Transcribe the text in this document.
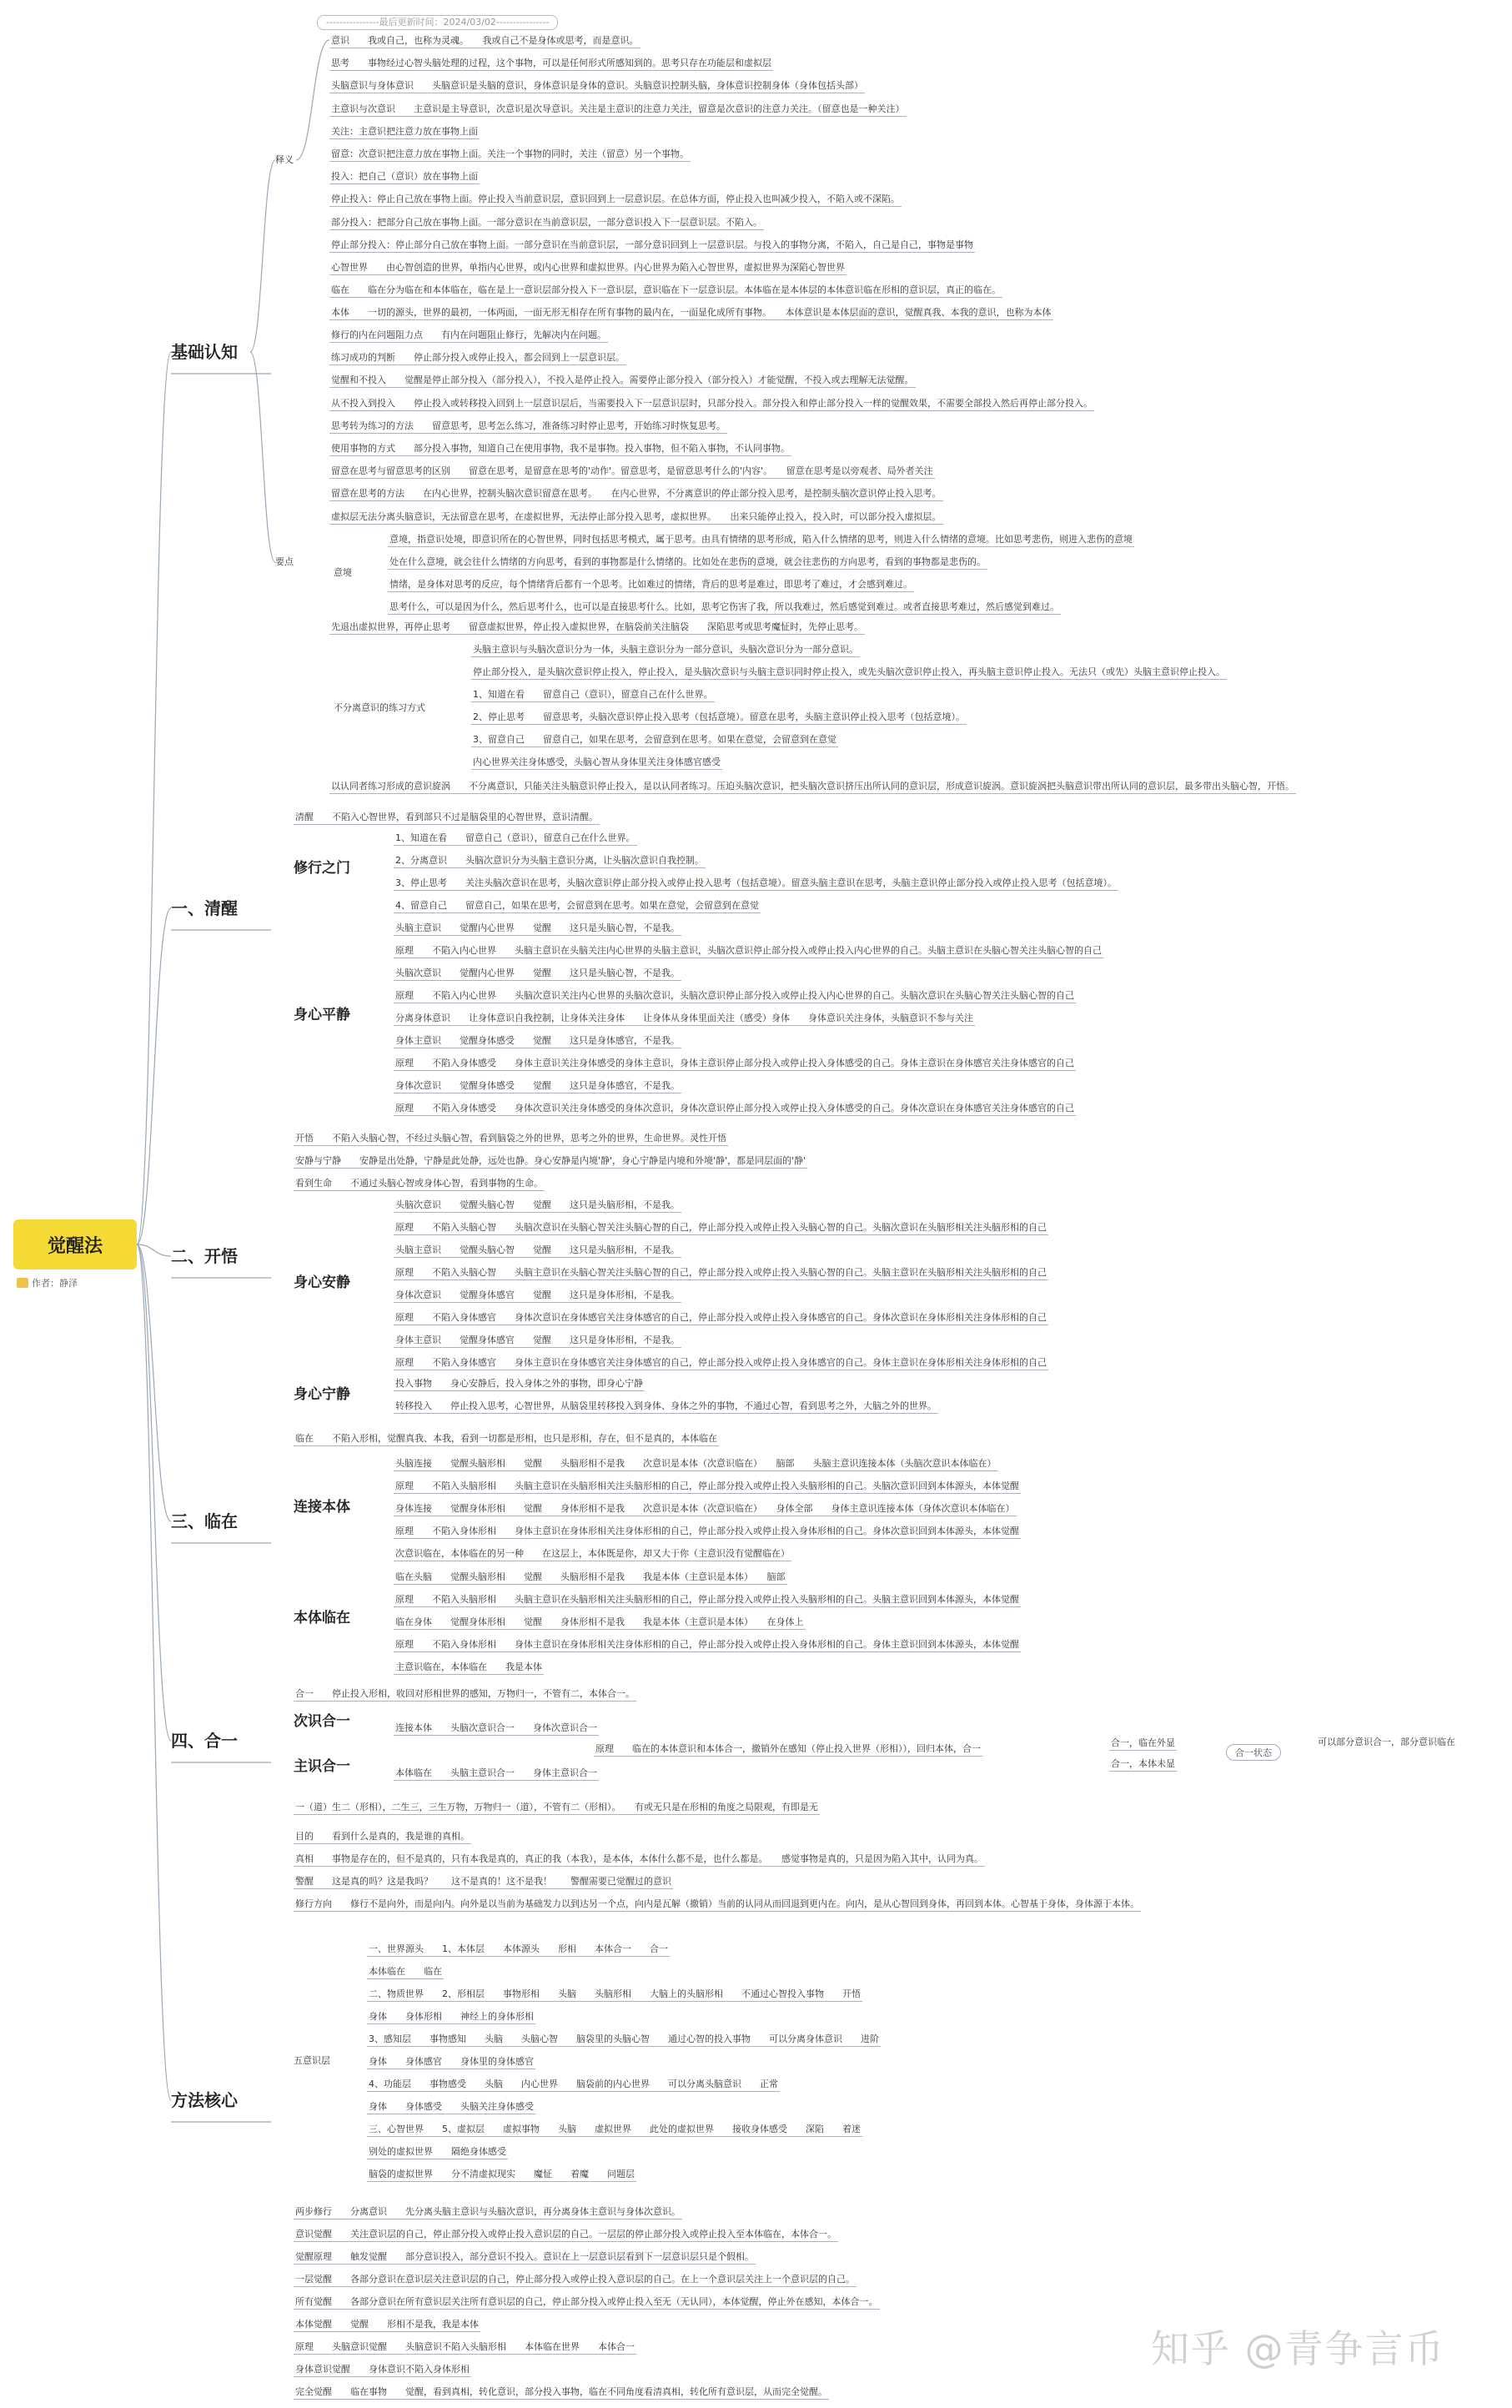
觉醒法
作者：静泽
----------------最后更新时间：2024/03/02----------------
基础认知
释义
意识　　我或自己，也称为灵魂。　　我或自己不是身体或思考，而是意识。
思考　　事物经过心智头脑处理的过程，这个事物，可以是任何形式所感知到的。思考只存在功能层和虚拟层
头脑意识与身体意识　　头脑意识是头脑的意识，身体意识是身体的意识。头脑意识控制头脑，身体意识控制身体（身体包括头部）
主意识与次意识　　主意识是主导意识，次意识是次导意识。关注是主意识的注意力关注，留意是次意识的注意力关注。（留意也是一种关注）
关注：主意识把注意力放在事物上面
留意：次意识把注意力放在事物上面。关注一个事物的同时，关注（留意）另一个事物。
投入：把自己（意识）放在事物上面
停止投入：停止自己放在事物上面。停止投入当前意识层，意识回到上一层意识层。在总体方面，停止投入也叫减少投入，不陷入或不深陷。
部分投入：把部分自己放在事物上面。一部分意识在当前意识层，一部分意识投入下一层意识层。不陷入。
停止部分投入：停止部分自己放在事物上面。一部分意识在当前意识层，一部分意识回到上一层意识层。与投入的事物分离，不陷入，自己是自己，事物是事物
心智世界　　由心智创造的世界，单指内心世界，或内心世界和虚拟世界。内心世界为陷入心智世界，虚拟世界为深陷心智世界
临在　　临在分为临在和本体临在，临在是上一意识层部分投入下一意识层，意识临在下一层意识层。本体临在是本体层的本体意识临在形相的意识层，真正的临在。
本体　　一切的源头，世界的最初，一体两面，一面无形无相存在所有事物的最内在，一面显化成所有事物。　　本体意识是本体层面的意识，觉醒真我、本我的意识，也称为本体
要点
修行的内在问题阻力点　　有内在问题阻止修行，先解决内在问题。
练习成功的判断　　停止部分投入或停止投入，都会回到上一层意识层。
觉醒和不投入　　觉醒是停止部分投入（部分投入），不投入是停止投入。需要停止部分投入（部分投入）才能觉醒，不投入或去理解无法觉醒。
从不投入到投入　　停止投入或转移投入回到上一层意识层后，当需要投入下一层意识层时，只部分投入。部分投入和停止部分投入一样的觉醒效果，不需要全部投入然后再停止部分投入。
思考转为练习的方法　　留意思考，思考怎么练习，准备练习时停止思考，开始练习时恢复思考。
使用事物的方式　　部分投入事物，知道自己在使用事物，我不是事物。投入事物，但不陷入事物，不认同事物。
留意在思考与留意思考的区别　　留意在思考，是留意在思考的'动作'。留意思考，是留意思考什么的'内容'。　　留意在思考是以旁观者、局外者关注
留意在思考的方法　　在内心世界，控制头脑次意识留意在思考。　　在内心世界，不分离意识的停止部分投入思考，是控制头脑次意识停止投入思考。
虚拟层无法分离头脑意识，无法留意在思考，在虚拟世界，无法停止部分投入思考，虚拟世界。　　出来只能停止投入，投入时，可以部分投入虚拟层。
意境
意境，指意识处境，即意识所在的心智世界，同时包括思考模式，属于思考。由具有情绪的思考形成，陷入什么情绪的思考，则进入什么情绪的意境。比如思考悲伤，则进入悲伤的意境
处在什么意境，就会往什么情绪的方向思考，看到的事物都是什么情绪的。比如处在悲伤的意境，就会往悲伤的方向思考，看到的事物都是悲伤的。
情绪，是身体对思考的反应，每个情绪背后都有一个思考。比如难过的情绪，背后的思考是难过，即思考了难过，才会感到难过。
思考什么，可以是因为什么，然后思考什么，也可以是直接思考什么。比如，思考它伤害了我，所以我难过，然后感觉到难过。或者直接思考难过，然后感觉到难过。
先退出虚拟世界，再停止思考　　留意虚拟世界，停止投入虚拟世界，在脑袋前关注脑袋　　深陷思考或思考魔怔时，先停止思考。
不分离意识的练习方式
头脑主意识与头脑次意识分为一体，头脑主意识分为一部分意识，头脑次意识分为一部分意识。
停止部分投入，是头脑次意识停止投入，停止投入，是头脑次意识与头脑主意识同时停止投入，或先头脑次意识停止投入，再头脑主意识停止投入。无法只（或先）头脑主意识停止投入。
1、知道在看　　留意自己（意识），留意自己在什么世界。
2、停止思考　　留意思考，头脑次意识停止投入思考（包括意境）。留意在思考，头脑主意识停止投入思考（包括意境）。
3、留意自己　　留意自己，如果在思考，会留意到在思考。如果在意觉，会留意到在意觉
内心世界关注身体感受，头脑心智从身体里关注身体感官感受
以认同者练习形成的意识旋涡　　不分离意识，只能关注头脑意识停止投入，是以认同者练习。压迫头脑次意识，把头脑次意识挤压出所认同的意识层，形成意识旋涡。意识旋涡把头脑意识带出所认同的意识层，最多带出头脑心智，开悟。
一、清醒
清醒　　不陷入心智世界，看到部只不过是脑袋里的心智世界，意识清醒。
修行之门
1、知道在看　　留意自己（意识），留意自己在什么世界。
2、分离意识　　头脑次意识分为头脑主意识分离，让头脑次意识自我控制。
3、停止思考　　关注头脑次意识在思考，头脑次意识停止部分投入或停止投入思考（包括意境）。留意头脑主意识在思考，头脑主意识停止部分投入或停止投入思考（包括意境）。
4、留意自己　　留意自己，如果在思考，会留意到在思考。如果在意觉，会留意到在意觉
身心平静
头脑主意识　　觉醒内心世界　　觉醒　　这只是头脑心智，不是我。
原理　　不陷入内心世界　　头脑主意识在头脑关注内心世界的头脑主意识，头脑次意识停止部分投入或停止投入内心世界的自己。头脑主意识在头脑心智关注头脑心智的自己
头脑次意识　　觉醒内心世界　　觉醒　　这只是头脑心智，不是我。
原理　　不陷入内心世界　　头脑次意识关注内心世界的头脑次意识，头脑次意识停止部分投入或停止投入内心世界的自己。头脑次意识在头脑心智关注头脑心智的自己
分离身体意识　　让身体意识自我控制，让身体关注身体　　让身体从身体里面关注（感受）身体　　身体意识关注身体，头脑意识不参与关注
身体主意识　　觉醒身体感受　　觉醒　　这只是身体感官，不是我。
原理　　不陷入身体感受　　身体主意识关注身体感受的身体主意识，身体主意识停止部分投入或停止投入身体感受的自己。身体主意识在身体感官关注身体感官的自己
身体次意识　　觉醒身体感受　　觉醒　　这只是身体感官，不是我。
原理　　不陷入身体感受　　身体次意识关注身体感受的身体次意识，身体次意识停止部分投入或停止投入身体感受的自己。身体次意识在身体感官关注身体感官的自己
二、开悟
开悟　　不陷入头脑心智，不经过头脑心智，看到脑袋之外的世界，思考之外的世界，生命世界。灵性开悟
安静与宁静　　安静是出处静，宁静是此处静，远处也静。身心安静是内境'静'，身心宁静是内境和外境'静'，都是同层面的'静'
看到生命　　不通过头脑心智或身体心智，看到事物的生命。
身心安静
头脑次意识　　觉醒头脑心智　　觉醒　　这只是头脑形相，不是我。
原理　　不陷入头脑心智　　头脑次意识在头脑心智关注头脑心智的自己，停止部分投入或停止投入头脑心智的自己。头脑次意识在头脑形相关注头脑形相的自己
头脑主意识　　觉醒头脑心智　　觉醒　　这只是头脑形相，不是我。
原理　　不陷入头脑心智　　头脑主意识在头脑心智关注头脑心智的自己，停止部分投入或停止投入头脑心智的自己。头脑主意识在头脑形相关注头脑形相的自己
身体次意识　　觉醒身体感官　　觉醒　　这只是身体形相，不是我。
原理　　不陷入身体感官　　身体次意识在身体感官关注身体感官的自己，停止部分投入或停止投入身体感官的自己。身体次意识在身体形相关注身体形相的自己
身体主意识　　觉醒身体感官　　觉醒　　这只是身体形相，不是我。
原理　　不陷入身体感官　　身体主意识在身体感官关注身体感官的自己，停止部分投入或停止投入身体感官的自己。身体主意识在身体形相关注身体形相的自己
身心宁静
投入事物　　身心安静后，投入身体之外的事物，即身心宁静
转移投入　　停止投入思考，心智世界，从脑袋里转移投入到身体、身体之外的事物，不通过心智，看到思考之外，大脑之外的世界。
三、临在
临在　　不陷入形相，觉醒真我、本我，看到一切都是形相，也只是形相，存在，但不是真的，本体临在
连接本体
头脑连接　　觉醒头脑形相　　觉醒　　头脑形相不是我　　次意识是本体（次意识临在）　　脑部　　头脑主意识连接本体（头脑次意识本体临在）
原理　　不陷入头脑形相　　头脑主意识在头脑形相关注头脑形相的自己，停止部分投入或停止投入头脑形相的自己。头脑次意识回到本体源头，本体觉醒
身体连接　　觉醒身体形相　　觉醒　　身体形相不是我　　次意识是本体（次意识临在）　　身体全部　　身体主意识连接本体（身体次意识本体临在）
原理　　不陷入身体形相　　身体主意识在身体形相关注身体形相的自己，停止部分投入或停止投入身体形相的自己。身体次意识回到本体源头，本体觉醒
次意识临在，本体临在的另一种　　在这层上，本体既是你，却又大于你（主意识没有觉醒临在）
本体临在
临在头脑　　觉醒头脑形相　　觉醒　　头脑形相不是我　　我是本体（主意识是本体）　　脑部
原理　　不陷入头脑形相　　头脑主意识在头脑形相关注头脑形相的自己，停止部分投入或停止投入头脑形相的自己。头脑主意识回到本体源头，本体觉醒
临在身体　　觉醒身体形相　　觉醒　　身体形相不是我　　我是本体（主意识是本体）　　在身体上
原理　　不陷入身体形相　　身体主意识在身体形相关注身体形相的自己，停止部分投入或停止投入身体形相的自己。身体主意识回到本体源头，本体觉醒
主意识临在，本体临在　　我是本体
四、合一
合一　　停止投入形相，收回对形相世界的感知，万物归一，不管有二，本体合一。
次识合一	连接本体　　头脑次意识合一　　身体次意识合一
主识合一	本体临在　　头脑主意识合一　　身体主意识合一
原理　　临在的本体意识和本体合一，撤销外在感知（停止投入世界（形相）），回归本体，合一
合一，临在外显
合一，本体未显
合一状态
可以部分意识合一，部分意识临在
一（道）生二（形相），二生三，三生万物，万物归一（道），不管有二（形相）。　　有或无只是在形相的角度之局限观，有即是无
方法核心
目的　　看到什么是真的，我是谁的真相。
真相　　事物是存在的，但不是真的，只有本我是真的，真正的我（本我），是本体，本体什么都不是，也什么都是。　　感觉事物是真的，只是因为陷入其中，认同为真。
警醒　　这是真的吗？这是我吗？　　这不是真的！这不是我！　　警醒需要已觉醒过的意识
修行方向　　修行不是向外，而是向内。向外是以当前为基础发力以到达另一个点，向内是瓦解（撤销）当前的认同从而回退到更内在。向内，是从心智回到身体，再回到本体。心智基于身体，身体源于本体。
五意识层
一、世界源头　　1、本体层　　本体源头　　形相　　本体合一　　合一
本体临在　　临在
二、物质世界　　2、形相层　　事物形相　　头脑　　头脑形相　　大脑上的头脑形相　　不通过心智投入事物　　开悟
身体　　身体形相　　神经上的身体形相
3、感知层　　事物感知　　头脑　　头脑心智　　脑袋里的头脑心智　　通过心智的投入事物　　可以分离身体意识　　进阶
身体　　身体感官　　身体里的身体感官
4、功能层　　事物感受　　头脑　　内心世界　　脑袋前的内心世界　　可以分离头脑意识　　正常
身体　　身体感受　　头脑关注身体感受
三、心智世界　　5、虚拟层　　虚拟事物　　头脑　　虚拟世界　　此处的虚拟世界　　接收身体感受　　深陷　　着迷
别处的虚拟世界　　隔绝身体感受
脑袋的虚拟世界　　分不清虚拟现实　　魔怔　　着魔　　问题层
两步修行　　分离意识　　先分离头脑主意识与头脑次意识，再分离身体主意识与身体次意识。
意识觉醒　　关注意识层的自己，停止部分投入或停止投入意识层的自己。一层层的停止部分投入或停止投入至本体临在，本体合一。
觉醒原理　　触发觉醒　　部分意识投入，部分意识不投入。意识在上一层意识层看到下一层意识层只是个假相。
一层觉醒　　各部分意识在意识层关注意识层的自己，停止部分投入或停止投入意识层的自己。在上一个意识层关注上一个意识层的自己。
所有觉醒　　各部分意识在所有意识层关注所有意识层的自己，停止部分投入或停止投入至无（无认同），本体觉醒，停止外在感知，本体合一。
本体觉醒　　觉醒　　形相不是我，我是本体
原理　　头脑意识觉醒　　头脑意识不陷入头脑形相　　本体临在世界　　本体合一
身体意识觉醒　　身体意识不陷入身体形相
完全觉醒　　临在事物　　觉醒，看到真相，转化意识，部分投入事物，临在不同角度看清真相，转化所有意识层，从而完全觉醒。
知乎 @青争言币
